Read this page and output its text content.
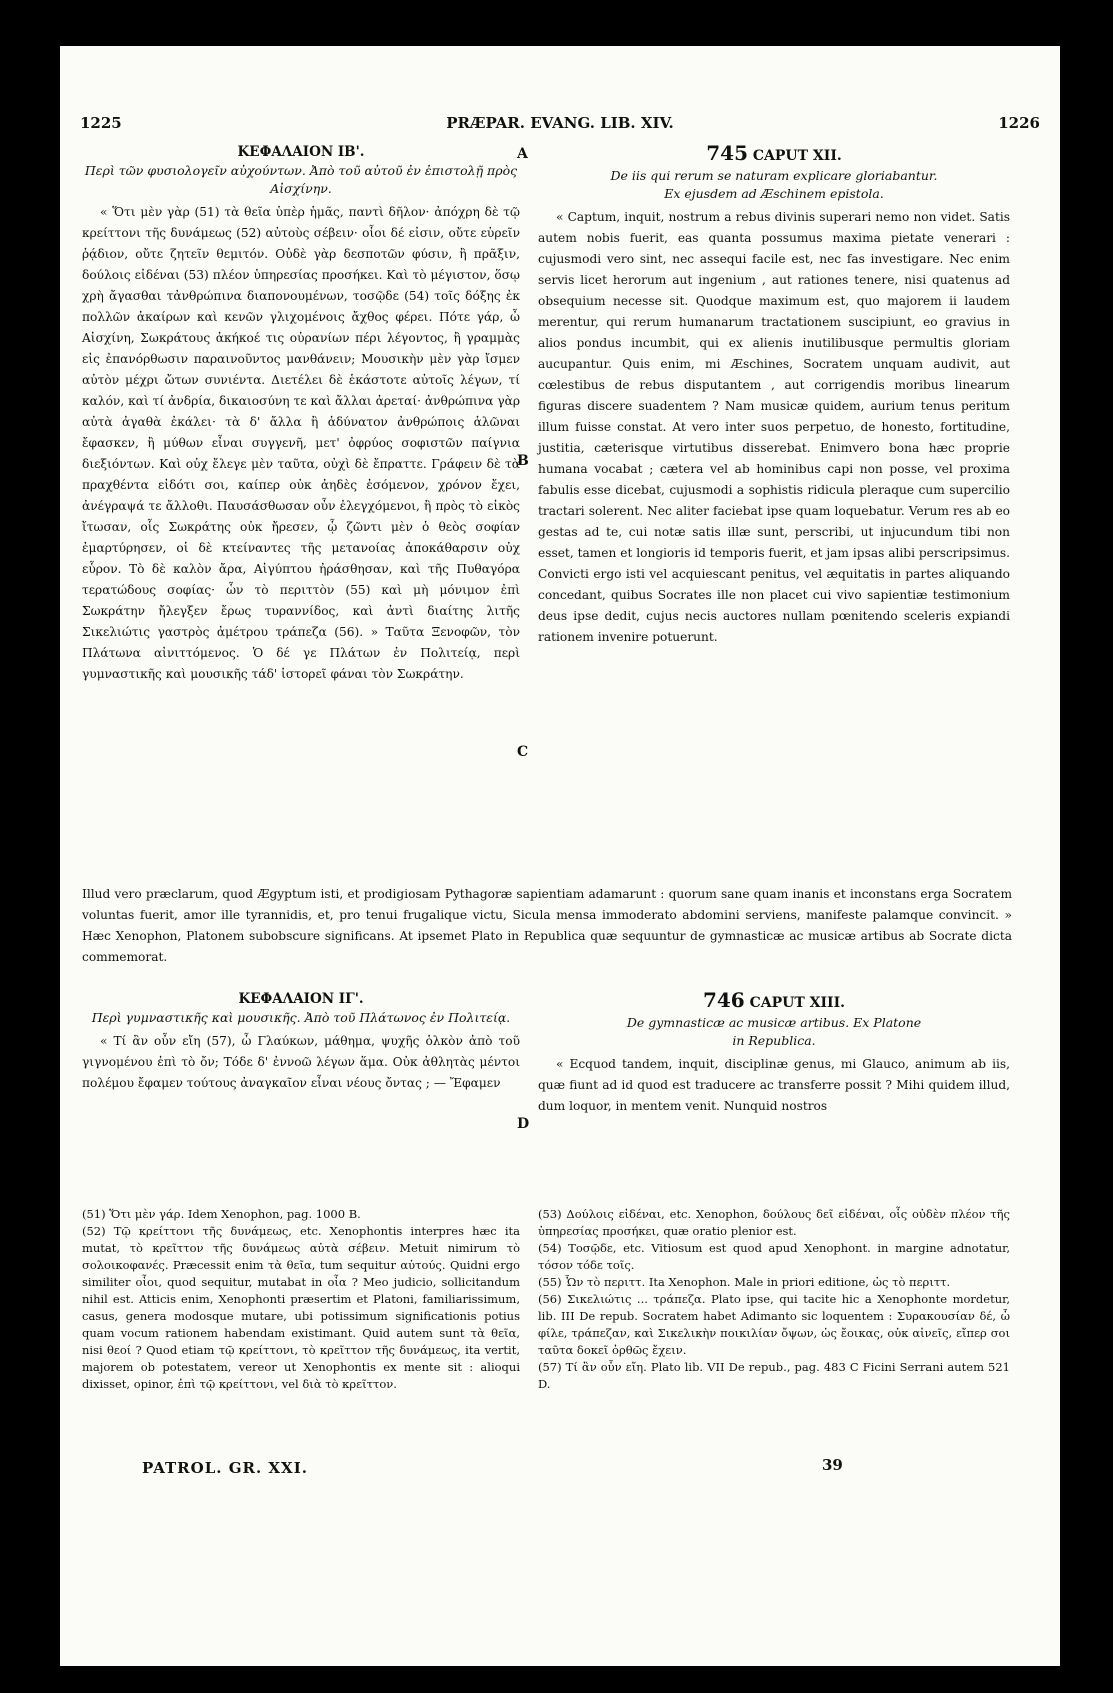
1225	PRÆPAR. EVANG. LIB. XIV.	1226
A
B
C
D

ΚΕΦΑΛΑΙΟΝ ΙΒ'.

Περὶ τῶν φυσιολογεῖν αὐχούντων. Ἀπὸ τοῦ αὐτοῦ ἐν ἐπιστολῇ πρὸς Αἰσχίνην.

« Ὅτι μὲν γὰρ (51) τὰ θεῖα ὑπὲρ ἡμᾶς, παντὶ δῆλον· ἀπόχρη δὲ τῷ κρείττονι τῆς δυνάμεως (52) αὐτοὺς σέβειν· οἷοι δέ εἰσιν, οὔτε εὑρεῖν ῥᾴδιον, οὔτε ζητεῖν θεμιτόν. Οὐδὲ γὰρ δεσποτῶν φύσιν, ἢ πρᾶξιν, δούλοις εἰδέναι (53) πλέον ὑπηρεσίας προσήκει. Καὶ τὸ μέγιστον, ὅσῳ χρὴ ἄγασθαι τἀνθρώπινα διαπονουμένων, τοσῷδε (54) τοῖς δόξης ἐκ πολλῶν ἀκαίρων καὶ κενῶν γλιχομένοις ἄχθος φέρει. Πότε γάρ, ὦ Αἰσχίνη, Σωκράτους ἀκήκοέ τις οὐρανίων πέρι λέγοντος, ἢ γραμμὰς εἰς ἐπανόρθωσιν παραινοῦντος μανθάνειν; Μουσικὴν μὲν γὰρ ἴσμεν αὐτὸν μέχρι ὤτων συνιέντα. Διετέλει δὲ ἑκάστοτε αὐτοῖς λέγων, τί καλόν, καὶ τί ἀνδρία, δικαιοσύνη τε καὶ ἄλλαι ἀρεταί· ἀνθρώπινα γὰρ αὐτὰ ἀγαθὰ ἐκάλει· τὰ δ' ἄλλα ἢ ἀδύνατον ἀνθρώποις ἁλῶναι ἔφασκεν, ἢ μύθων εἶναι συγγενῆ, μετ' ὀφρύος σοφιστῶν παίγνια διεξιόντων. Καὶ οὐχ ἔλεγε μὲν ταῦτα, οὐχὶ δὲ ἔπραττε. Γράφειν δὲ τὰ πραχθέντα εἰδότι σοι, καίπερ οὐκ ἀηδὲς ἐσόμενον, χρόνον ἔχει, ἀνέγραψά τε ἄλλοθι. Παυσάσθωσαν οὖν ἐλεγχόμενοι, ἢ πρὸς τὸ εἰκὸς ἴτωσαν, οἷς Σωκράτης οὐκ ἤρεσεν, ᾧ ζῶντι μὲν ὁ θεὸς σοφίαν ἐμαρτύρησεν, οἱ δὲ κτείναντες τῆς μετανοίας ἀποκάθαρσιν οὐχ εὗρον. Τὸ δὲ καλὸν ἄρα, Αἰγύπτου ἠράσθησαν, καὶ τῆς Πυθαγόρα τερατώδους σοφίας· ὧν τὸ περιττὸν (55) καὶ μὴ μόνιμον ἐπὶ Σωκράτην ἤλεγξεν ἔρως τυραννίδος, καὶ ἀντὶ διαίτης λιτῆς Σικελιώτις γαστρὸς ἀμέτρου τράπεζα (56). » Ταῦτα Ξενοφῶν, τὸν Πλάτωνα αἰνιττόμενος. Ὁ δέ γε Πλάτων ἐν Πολιτείᾳ, περὶ γυμναστικῆς καὶ μουσικῆς τάδ' ἱστορεῖ φάναι τὸν Σωκράτην.

745 CAPUT XII.

De iis qui rerum se naturam explicare gloriabantur.

Ex ejusdem ad Æschinem epistola.

« Captum, inquit, nostrum a rebus divinis superari nemo non videt. Satis autem nobis fuerit, eas quanta possumus maxima pietate venerari : cujusmodi vero sint, nec assequi facile est, nec fas investigare. Nec enim servis licet herorum aut ingenium , aut rationes tenere, nisi quatenus ad obsequium necesse sit. Quodque maximum est, quo majorem ii laudem merentur, qui rerum humanarum tractationem suscipiunt, eo gravius in alios pondus incumbit, qui ex alienis inutilibusque permultis gloriam aucupantur. Quis enim, mi Æschines, Socratem unquam audivit, aut cœlestibus de rebus disputantem , aut corrigendis moribus linearum figuras discere suadentem ? Nam musicæ quidem, aurium tenus peritum illum fuisse constat. At vero inter suos perpetuo, de honesto, fortitudine, justitia, cæterisque virtutibus disserebat. Enimvero bona hæc proprie humana vocabat ; cætera vel ab hominibus capi non posse, vel proxima fabulis esse dicebat, cujusmodi a sophistis ridicula pleraque cum supercilio tractari solerent. Nec aliter faciebat ipse quam loquebatur. Verum res ab eo gestas ad te, cui notæ satis illæ sunt, perscribi, ut injucundum tibi non esset, tamen et longioris id temporis fuerit, et jam ipsas alibi perscripsimus. Convicti ergo isti vel acquiescant penitus, vel æquitatis in partes aliquando concedant, quibus Socrates ille non placet cui vivo sapientiæ testimonium deus ipse dedit, cujus necis auctores nullam pœnitendo sceleris expiandi rationem invenire potuerunt.

Illud vero præclarum, quod Ægyptum isti, et prodigiosam Pythagoræ sapientiam adamarunt : quorum sane quam inanis et inconstans erga Socratem voluntas fuerit, amor ille tyrannidis, et, pro tenui frugalique victu, Sicula mensa immoderato abdomini serviens, manifeste palamque convincit. » Hæc Xenophon, Platonem subobscure significans. At ipsemet Plato in Republica quæ sequuntur de gymnasticæ ac musicæ artibus ab Socrate dicta commemorat.

ΚΕΦΑΛΑΙΟΝ ΙΓ'.

Περὶ γυμναστικῆς καὶ μουσικῆς. Ἀπὸ τοῦ Πλάτωνος ἐν Πολιτείᾳ.

« Τί ἂν οὖν εἴη (57), ὦ Γλαύκων, μάθημα, ψυχῆς ὁλκὸν ἀπὸ τοῦ γιγνομένου ἐπὶ τὸ ὄν; Τόδε δ' ἐννοῶ λέγων ἅμα. Οὐκ ἀθλητὰς μέντοι πολέμου ἔφαμεν τούτους ἀναγκαῖον εἶναι νέους ὄντας ; — Ἔφαμεν

746 CAPUT XIII.

De gymnasticæ ac musicæ artibus. Ex Platone

in Republica.

« Ecquod tandem, inquit, disciplinæ genus, mi Glauco, animum ab iis, quæ fiunt ad id quod est traducere ac transferre possit ? Mihi quidem illud, dum loquor, in mentem venit. Nunquid nostros

(51) Ὅτι μὲν γάρ. Idem Xenophon, pag. 1000 B.

(52) Τῷ κρείττονι τῆς δυνάμεως, etc. Xenophontis interpres hæc ita mutat, τὸ κρεῖττον τῆς δυνάμεως αὐτὰ σέβειν. Metuit nimirum τὸ σολοικοφανές. Præcessit enim τὰ θεῖα, tum sequitur αὐτούς. Quidni ergo similiter οἷοι, quod sequitur, mutabat in οἷα ? Meo judicio, sollicitandum nihil est. Atticis enim, Xenophonti præsertim et Platoni, familiarissimum, casus, genera modosque mutare, ubi potissimum significationis potius quam vocum rationem habendam existimant. Quid autem sunt τὰ θεῖα, nisi θεοί ? Quod etiam τῷ κρείττονι, τὸ κρεῖττον τῆς δυνάμεως, ita vertit, majorem ob potestatem, vereor ut Xenophontis ex mente sit : alioqui dixisset, opinor, ἐπὶ τῷ κρείττονι, vel διὰ τὸ κρεῖττον.

(53) Δούλοις εἰδέναι, etc. Xenophon, δούλους δεῖ εἰδέναι, οἷς οὐδὲν πλέον τῆς ὑπηρεσίας προσήκει, quæ oratio plenior est.

(54) Τοσῷδε, etc. Vitiosum est quod apud Xenophont. in margine adnotatur, τόσον τόδε τοῖς.

(55) Ὧν τὸ περιττ. Ita Xenophon. Male in priori editione, ὡς τὸ περιττ.

(56) Σικελιώτις ... τράπεζα. Plato ipse, qui tacite hic a Xenophonte mordetur, lib. III De repub. Socratem habet Adimanto sic loquentem : Συρακουσίαν δέ, ὦ φίλε, τράπεζαν, καὶ Σικελικὴν ποικιλίαν ὄψων, ὡς ἔοικας, οὐκ αἰνεῖς, εἴπερ σοι ταῦτα δοκεῖ ὀρθῶς ἔχειν.

(57) Τί ἂν οὖν εἴη. Plato lib. VII De repub., pag. 483 C Ficini Serrani autem 521 D.

PATROL. GR. XXI.	39
